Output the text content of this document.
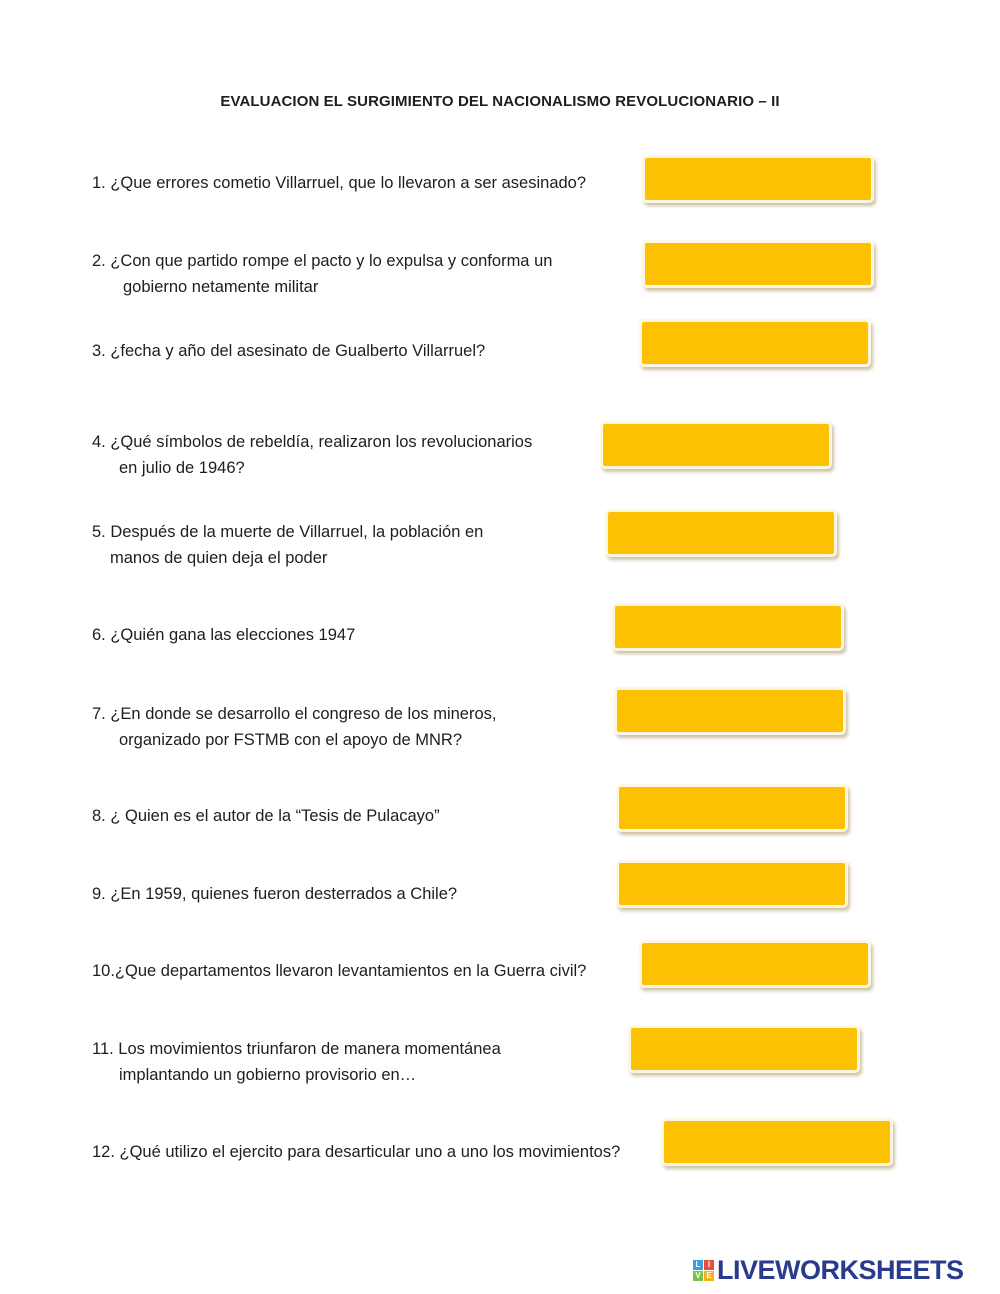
EVALUACION EL SURGIMIENTO DEL NACIONALISMO REVOLUCIONARIO – II
1. ¿Que errores cometio Villarruel, que lo llevaron a ser asesinado?
2. ¿Con que partido rompe el pacto y lo expulsa y conforma un
gobierno netamente militar
3. ¿fecha y año del asesinato de Gualberto Villarruel?
4. ¿Qué símbolos de rebeldía, realizaron los revolucionarios
en julio de 1946?
5. Después de la muerte de Villarruel, la población en
manos de quien deja el poder
6. ¿Quién gana las elecciones 1947
7. ¿En donde se desarrollo el congreso de los mineros,
organizado por FSTMB con el apoyo de MNR?
8. ¿ Quien es el autor de la “Tesis de Pulacayo”
9. ¿En 1959, quienes fueron desterrados a Chile?
10.¿Que departamentos llevaron levantamientos en la Guerra civil?
11. Los movimientos triunfaron de manera momentánea
implantando un gobierno provisorio en…
12. ¿Qué utilizo el ejercito para desarticular uno a uno los movimientos?
L I
V E LIVEWORKSHEETS
